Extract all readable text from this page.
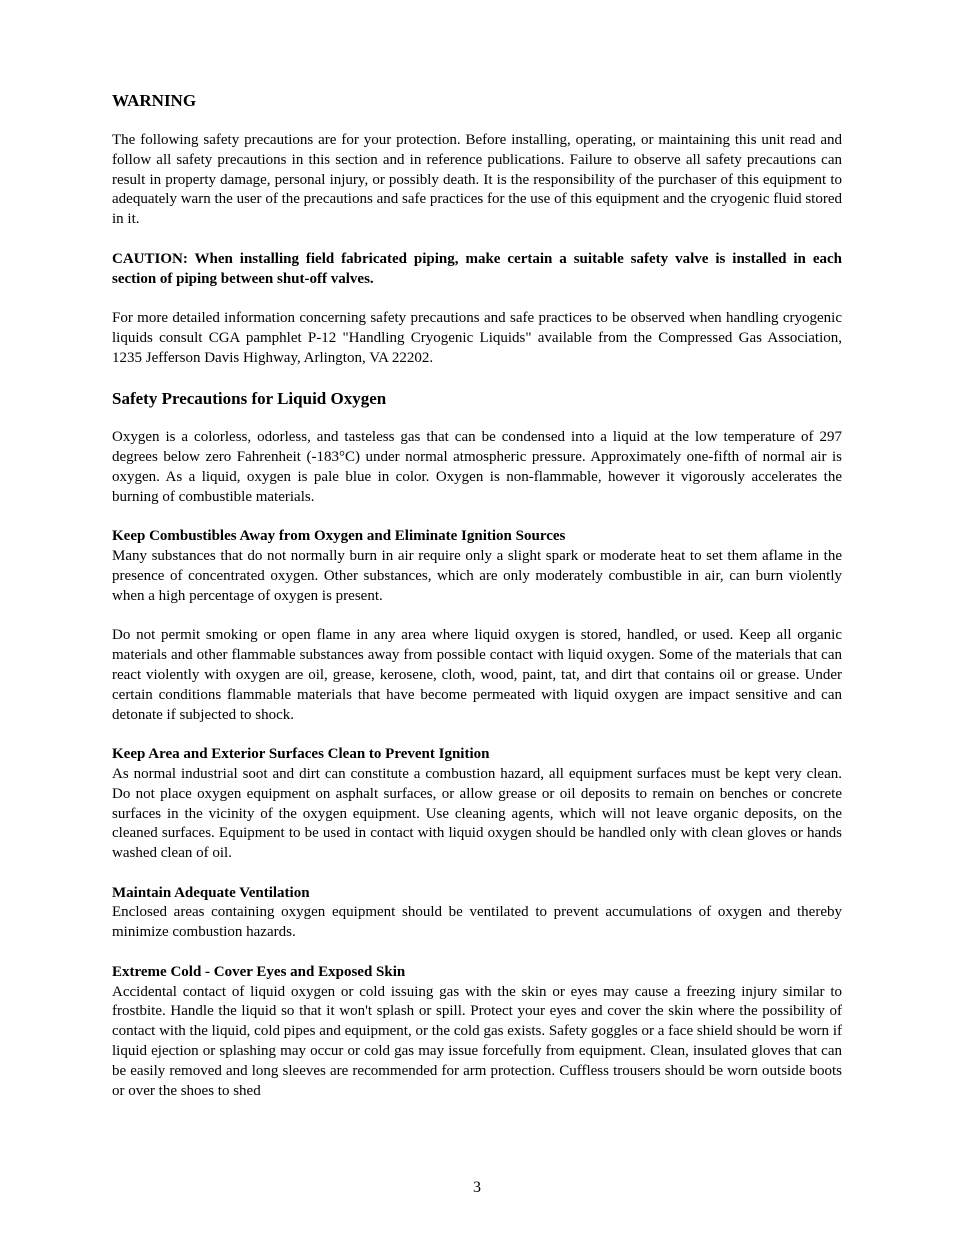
WARNING

The following safety precautions are for your protection. Before installing, operating, or maintaining this unit read and follow all safety precautions in this section and in reference publications. Failure to observe all safety precautions can result in property damage, personal injury, or possibly death. It is the responsibility of the purchaser of this equipment to adequately warn the user of the precautions and safe practices for the use of this equipment and the cryogenic fluid stored in it.

CAUTION: When installing field fabricated piping, make certain a suitable safety valve is installed in each section of piping between shut-off valves.

For more detailed information concerning safety precautions and safe practices to be observed when handling cryogenic liquids consult CGA pamphlet P-12 "Handling Cryogenic Liquids" available from the Compressed Gas Association, 1235 Jefferson Davis Highway, Arlington, VA 22202.

Safety Precautions for Liquid Oxygen

Oxygen is a colorless, odorless, and tasteless gas that can be condensed into a liquid at the low temperature of 297 degrees below zero Fahrenheit (-183°C) under normal atmospheric pressure. Approximately one-fifth of normal air is oxygen. As a liquid, oxygen is pale blue in color. Oxygen is non-flammable, however it vigorously accelerates the burning of combustible materials.

Keep Combustibles Away from Oxygen and Eliminate Ignition Sources

Many substances that do not normally burn in air require only a slight spark or moderate heat to set them aflame in the presence of concentrated oxygen. Other substances, which are only moderately combustible in air, can burn violently when a high percentage of oxygen is present.

Do not permit smoking or open flame in any area where liquid oxygen is stored, handled, or used. Keep all organic materials and other flammable substances away from possible contact with liquid oxygen. Some of the materials that can react violently with oxygen are oil, grease, kerosene, cloth, wood, paint, tat, and dirt that contains oil or grease. Under certain conditions flammable materials that have become permeated with liquid oxygen are impact sensitive and can detonate if subjected to shock.

Keep Area and Exterior Surfaces Clean to Prevent Ignition

As normal industrial soot and dirt can constitute a combustion hazard, all equipment surfaces must be kept very clean. Do not place oxygen equipment on asphalt surfaces, or allow grease or oil deposits to remain on benches or concrete surfaces in the vicinity of the oxygen equipment. Use cleaning agents, which will not leave organic deposits, on the cleaned surfaces. Equipment to be used in contact with liquid oxygen should be handled only with clean gloves or hands washed clean of oil.

Maintain Adequate Ventilation

Enclosed areas containing oxygen equipment should be ventilated to prevent accumulations of oxygen and thereby minimize combustion hazards.

Extreme Cold - Cover Eyes and Exposed Skin

Accidental contact of liquid oxygen or cold issuing gas with the skin or eyes may cause a freezing injury similar to frostbite. Handle the liquid so that it won't splash or spill. Protect your eyes and cover the skin where the possibility of contact with the liquid, cold pipes and equipment, or the cold gas exists. Safety goggles or a face shield should be worn if liquid ejection or splashing may occur or cold gas may issue forcefully from equipment. Clean, insulated gloves that can be easily removed and long sleeves are recommended for arm protection. Cuffless trousers should be worn outside boots or over the shoes to shed

3
